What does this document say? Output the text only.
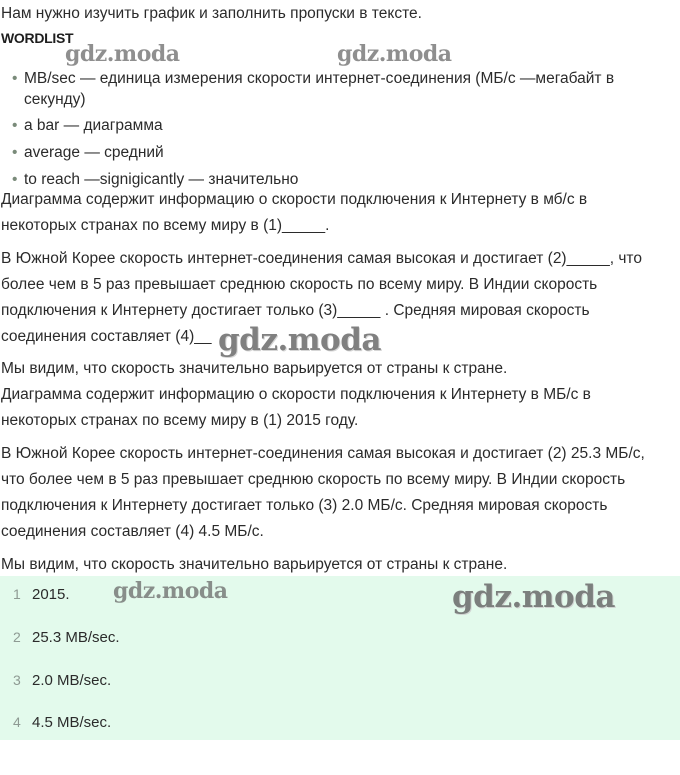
Нам нужно изучить график и заполнить пропуски в тексте.
WORDLIST
• MB/sec — единица измерения скорости интернет-соединения (МБ/с —мегабайт в
секунду)
• a bar — диаграмма
• average — средний
• to reach —signigicantly — значительно
Диаграмма содержит информацию о скорости подключения к Интернету в мб/с в
некоторых странах по всему миру в (1)_____.
В Южной Корее скорость интернет-соединения самая высокая и достигает (2)_____, что
более чем в 5 раз превышает среднюю скорость по всему миру. В Индии скорость
подключения к Интернету достигает только (3)_____ . Средняя мировая скорость
соединения составляет (4)__
Мы видим, что скорость значительно варьируется от страны к стране.
Диаграмма содержит информацию о скорости подключения к Интернету в МБ/с в
некоторых странах по всему миру в (1) 2015 году.
В Южной Корее скорость интернет-соединения самая высокая и достигает (2) 25.3 МБ/с,
что более чем в 5 раз превышает среднюю скорость по всему миру. В Индии скорость
подключения к Интернету достигает только (3) 2.0 МБ/с. Средняя мировая скорость
соединения составляет (4) 4.5 МБ/с.
Мы видим, что скорость значительно варьируется от страны к стране.
1 2015.
2 25.3 MB/sec.
3 2.0 MB/sec.
4 4.5 MB/sec.
gdz.moda	gdz.moda
gdz.moda
gdz.moda	gdz.moda
